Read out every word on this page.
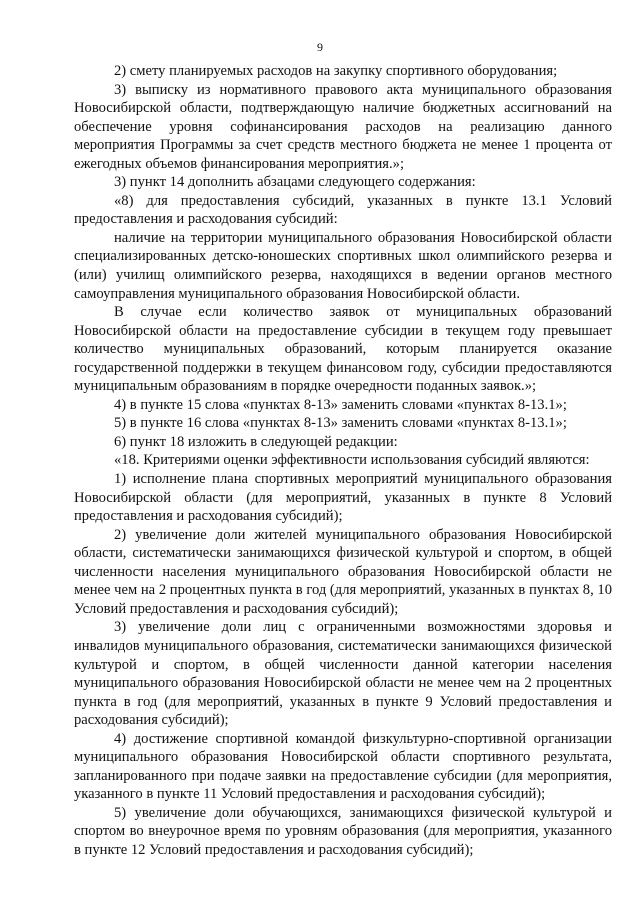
9

2) смету планируемых расходов на закупку спортивного оборудования;

3) выписку из нормативного правового акта муниципального образования Новосибирской области, подтверждающую наличие бюджетных ассигнований на обеспечение уровня софинансирования расходов на реализацию данного мероприятия Программы за счет средств местного бюджета не менее 1 процента от ежегодных объемов финансирования мероприятия.»;

3) пункт 14 дополнить абзацами следующего содержания:

«8) для предоставления субсидий, указанных в пункте 13.1 Условий предоставления и расходования субсидий:

наличие на территории муниципального образования Новосибирской области специализированных детско-юношеских спортивных школ олимпийского резерва и (или) училищ олимпийского резерва, находящихся в ведении органов местного самоуправления муниципального образования Новосибирской области.

В случае если количество заявок от муниципальных образований Новосибирской области на предоставление субсидии в текущем году превышает количество муниципальных образований, которым планируется оказание государственной поддержки в текущем финансовом году, субсидии предоставляются муниципальным образованиям в порядке очередности поданных заявок.»;

4) в пункте 15 слова «пунктах 8-13» заменить словами «пунктах 8-13.1»;

5) в пункте 16 слова «пунктах 8-13» заменить словами «пунктах 8-13.1»;

6) пункт 18 изложить в следующей редакции:

«18. Критериями оценки эффективности использования субсидий являются:

1) исполнение плана спортивных мероприятий муниципального образования Новосибирской области (для мероприятий, указанных в пункте 8 Условий предоставления и расходования субсидий);

2) увеличение доли жителей муниципального образования Новосибирской области, систематически занимающихся физической культурой и спортом, в общей численности населения муниципального образования Новосибирской области не менее чем на 2 процентных пункта в год (для мероприятий, указанных в пунктах 8, 10 Условий предоставления и расходования субсидий);

3) увеличение доли лиц с ограниченными возможностями здоровья и инвалидов муниципального образования, систематически занимающихся физической культурой и спортом, в общей численности данной категории населения муниципального образования Новосибирской области не менее чем на 2 процентных пункта в год (для мероприятий, указанных в пункте 9 Условий предоставления и расходования субсидий);

4) достижение спортивной командой физкультурно-спортивной организации муниципального образования Новосибирской области спортивного результата, запланированного при подаче заявки на предоставление субсидии (для мероприятия, указанного в пункте 11 Условий предоставления и расходования субсидий);

5) увеличение доли обучающихся, занимающихся физической культурой и спортом во внеурочное время по уровням образования (для мероприятия, указанного в пункте 12 Условий предоставления и расходования субсидий);
